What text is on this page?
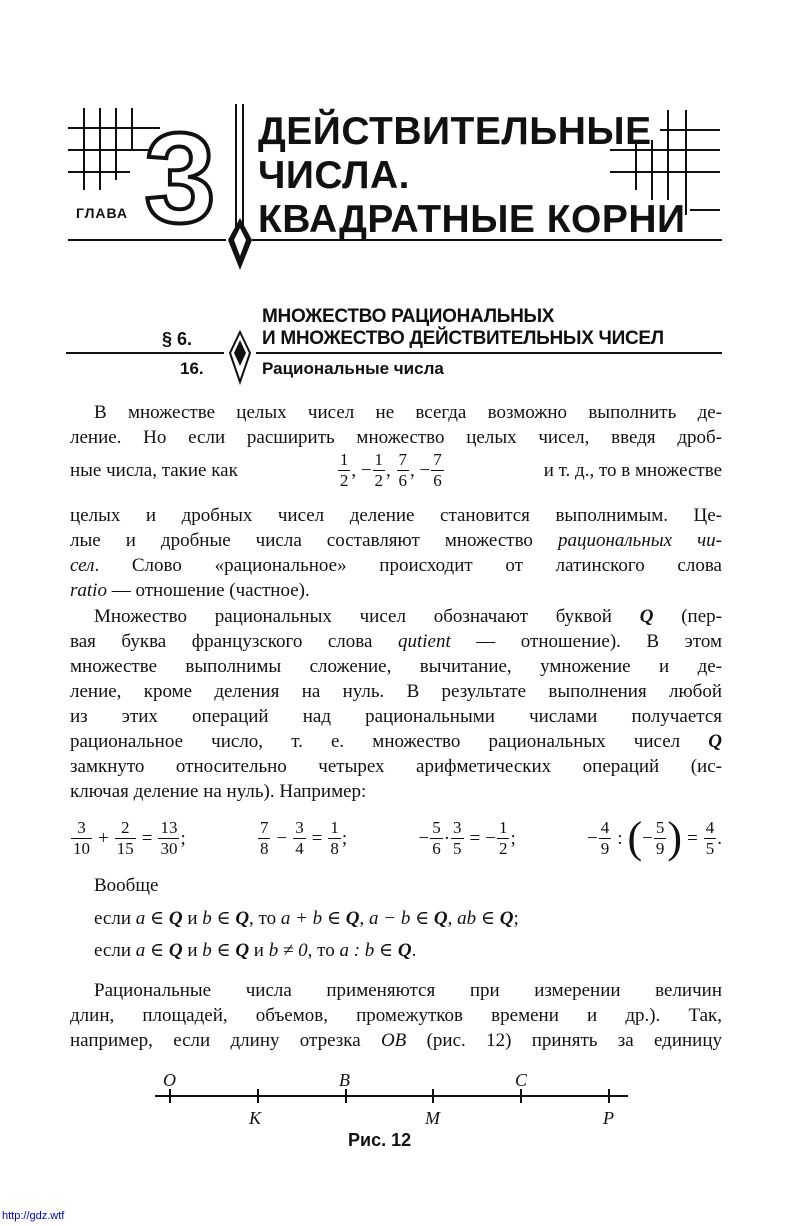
ГЛАВА 3 ДЕЙСТВИТЕЛЬНЫЕ
ЧИСЛА.
КВАДРАТНЫЕ КОРНИ
МНОЖЕСТВО РАЦИОНАЛЬНЫХ
И МНОЖЕСТВО ДЕЙСТВИТЕЛЬНЫХ ЧИСЕЛ
§ 6.
16.	Рациональные числа
В множестве целых чисел не всегда возможно выполнить де-
ление. Но если расширить множество целых чисел, введя дроб-
ные числа, такие как	$\frac{1}{2}$ ,
− $\frac{1}{2}$ ,
$\frac{7}{6}$ ,
− $\frac{7}{6}$	и т. д., то в множестве
целых и дробных чисел деление становится выполнимым. Це-
лые и дробные числа составляют множество рациональных чи-
сел. Слово «рациональное» происходит от латинского слова
ratio — отношение (частное).
Множество рациональных чисел обозначают буквой Q (пер-
вая буква французского слова qutient — отношение). В этом
множестве выполнимы сложение, вычитание, умножение и де-
ление, кроме деления на нуль. В результате выполнения любой
из этих операций над рациональными числами получается
рациональное число, т. е. множество рациональных чисел Q
замкнуто относительно четырех арифметических операций (ис-
ключая деление на нуль). Например:
$\frac{3}{10} + \frac{2}{15} = \frac{13}{30}$ ;	$\frac{7}{8} - \frac{3}{4} = \frac{1}{8}$ ;	− $\frac{5}{6} \cdot \frac{3}{5}$ = − $\frac{1}{2}$ ;	− $\frac{4}{9}$ : ( − $\frac{5}{9}$ ) = $\frac{4}{5}$ .
Вообще
если a ∈ Q и b ∈ Q, то a + b ∈ Q, a − b ∈ Q, ab ∈ Q;
если a ∈ Q и b ∈ Q и b ≠ 0, то a : b ∈ Q.
Рациональные числа применяются при измерении величин
длин, площадей, объемов, промежутков времени и др.). Так,
например, если длину отрезка OB (рис. 12) принять за единицу
O	B	C
K	M	P
Рис. 12
http://gdz.wtf
